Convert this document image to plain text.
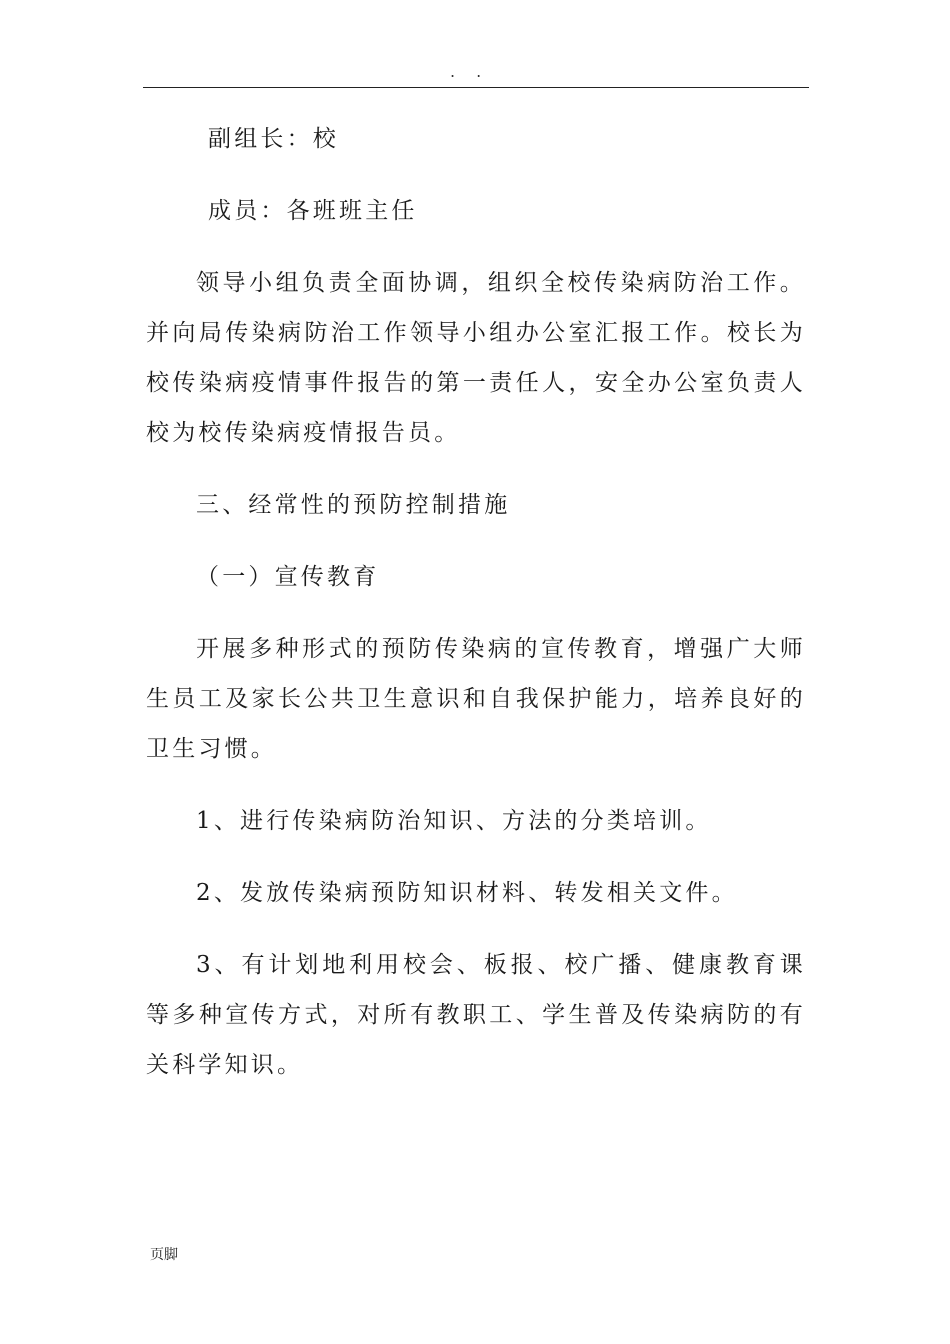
. .

副组长：校

成员：各班班主任

领导小组负责全面协调，组织全校传染病防治工作。并向局传染病防治工作领导小组办公室汇报工作。校长为校传染病疫情事件报告的第一责任人，安全办公室负责人校为校传染病疫情报告员。

三、经常性的预防控制措施

（一）宣传教育

开展多种形式的预防传染病的宣传教育，增强广大师生员工及家长公共卫生意识和自我保护能力，培养良好的卫生习惯。

1、进行传染病防治知识、方法的分类培训。

2、发放传染病预防知识材料、转发相关文件。

3、有计划地利用校会、板报、校广播、健康教育课等多种宣传方式，对所有教职工、学生普及传染病防的有关科学知识。

页脚
